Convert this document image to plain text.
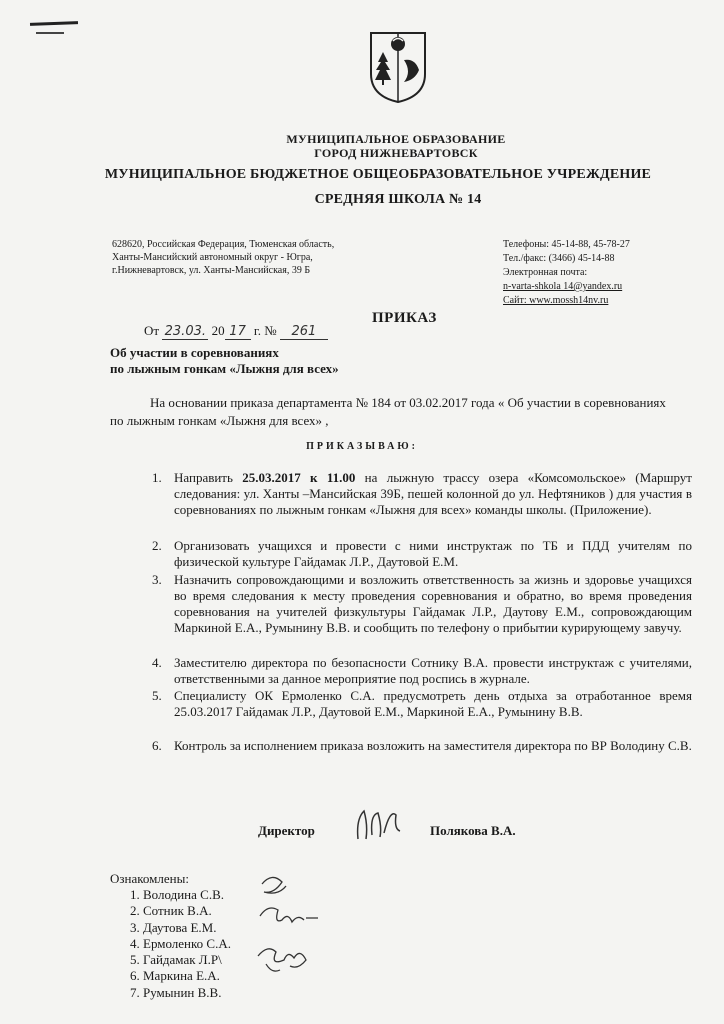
МУНИЦИПАЛЬНОЕ ОБРАЗОВАНИЕ
ГОРОД НИЖНЕВАРТОВСК
МУНИЦИПАЛЬНОЕ БЮДЖЕТНОЕ ОБЩЕОБРАЗОВАТЕЛЬНОЕ УЧРЕЖДЕНИЕ
СРЕДНЯЯ ШКОЛА № 14
628620, Российская Федерация, Тюменская область,
Ханты-Мансийский автономный округ - Югра,
г.Нижневартовск, ул. Ханты-Мансийская, 39 Б
Телефоны: 45-14-88, 45-78-27
Тел./факс: (3466) 45-14-88
Электронная почта:
n-varta-shkola 14@yandex.ru
Сайт: www.mossh14nv.ru
ПРИКАЗ
От 23.03. 20 17 г. № 261
Об участии в соревнованиях
по лыжным гонкам «Лыжня для всех»
На основании приказа департамента № 184 от 03.02.2017 года « Об участии в соревнованиях по лыжным гонкам «Лыжня для всех» ,
ПРИКАЗЫВАЮ:
1. Направить 25.03.2017 к 11.00 на лыжную трассу озера «Комсомольское» (Маршрут следования: ул. Ханты –Мансийская 39Б, пешей колонной до ул. Нефтяников ) для участия в соревнованиях по лыжным гонкам «Лыжня для всех» команды школы. (Приложение).
2. Организовать учащихся и провести с ними инструктаж по ТБ и ПДД учителям по физической культуре Гайдамак Л.Р., Даутовой Е.М.
3. Назначить сопровождающими и возложить ответственность за жизнь и здоровье учащихся во время следования к месту проведения соревнования и обратно, во время проведения соревнования на учителей физкультуры Гайдамак Л.Р., Даутову Е.М., сопровождающим Маркиной Е.А., Румынину В.В. и сообщить по телефону о прибытии курирующему завучу.
4. Заместителю директора по безопасности Сотнику В.А. провести инструктаж с учителями, ответственными за данное мероприятие под роспись в журнале.
5. Специалисту ОК Ермоленко С.А. предусмотреть день отдыха за отработанное время 25.03.2017 Гайдамак Л.Р., Даутовой Е.М., Маркиной Е.А., Румынину В.В.
6. Контроль за исполнением приказа возложить на заместителя директора по ВР Володину С.В.
Директор	Полякова В.А.
Ознакомлены:
1. Володина С.В.
2. Сотник В.А.
3. Даутова Е.М.
4. Ермоленко С.А.
5. Гайдамак Л.Р\
6. Маркина Е.А.
7. Румынин В.В.
